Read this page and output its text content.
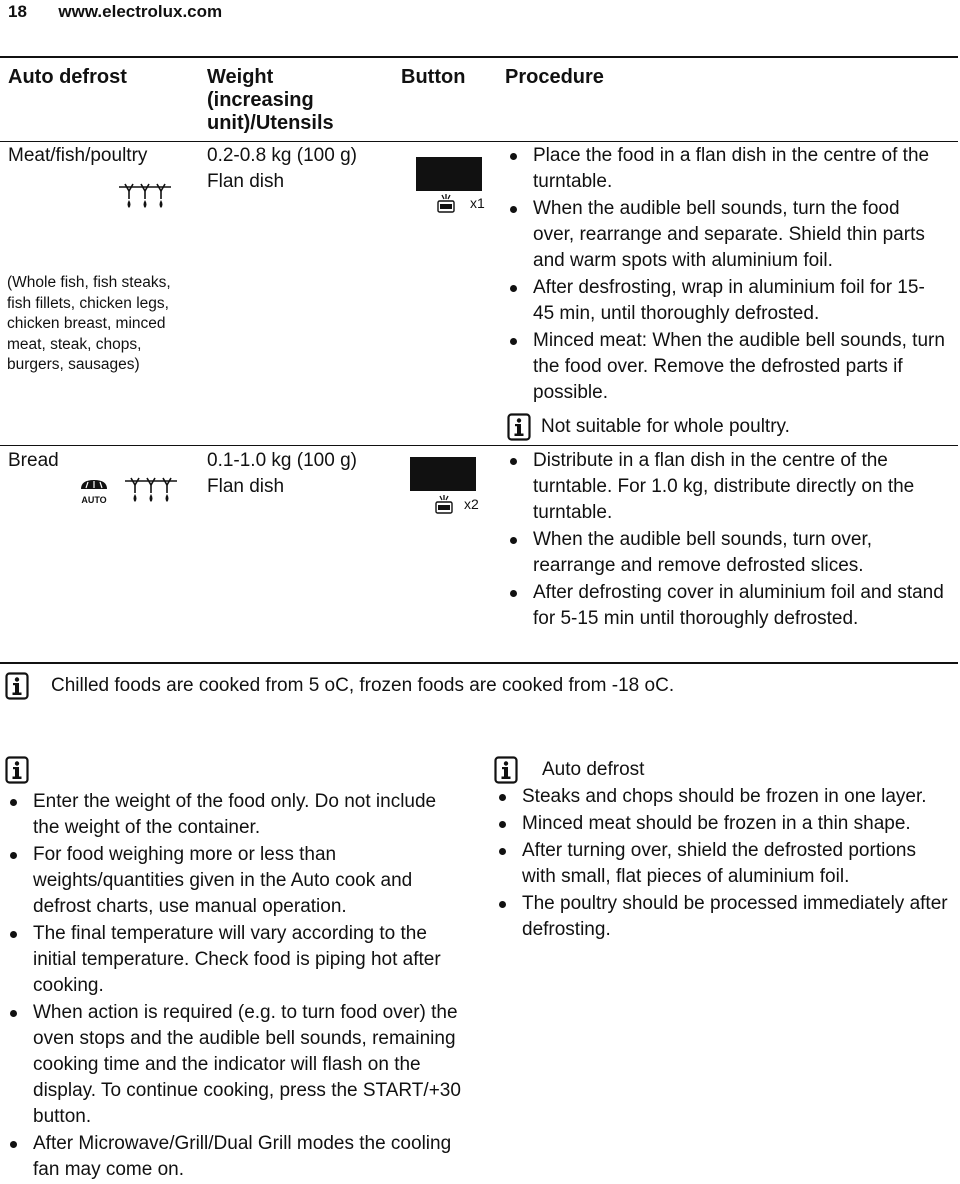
18 www.electrolux.com
Auto defrost	Weight (increasing unit)/Utensils
Button Procedure
Meat/fish/poultry
(Whole fish, fish steaks, fish fillets, chicken legs, chicken breast, minced meat, steak, chops, burgers, sausages)
0.2-0.8 kg (100 g)
Flan dish
x1
Place the food in a flan dish in the centre of the turntable.
When the audible bell sounds, turn the food over, rearrange and separate. Shield thin parts and warm spots with aluminium foil.
After desfrosting, wrap in aluminium foil for 15-45 min, until thoroughly defrosted.
Minced meat: When the audible bell sounds, turn the food over. Remove the defrosted parts if possible.
Not suitable for whole poultry.
Bread
AUTO
0.1-1.0 kg (100 g)
Flan dish
x2
Distribute in a flan dish in the centre of the turntable. For 1.0 kg, distribute directly on the turntable.
When the audible bell sounds, turn over, rearrange and remove defrosted slices.
After defrosting cover in aluminium foil and stand for 5-15 min until thoroughly defrosted.
Chilled foods are cooked from 5 oC, frozen foods are cooked from -18 oC.
Enter the weight of the food only. Do not include the weight of the container.
For food weighing more or less than weights/quantities given in the Auto cook and defrost charts, use manual operation.
The final temperature will vary according to the initial temperature. Check food is piping hot after cooking.
When action is required (e.g. to turn food over) the oven stops and the audible bell sounds, remaining cooking time and the indicator will flash on the display. To continue cooking, press the START/+30 button.
After Microwave/Grill/Dual Grill modes the cooling fan may come on.
Auto defrost
Steaks and chops should be frozen in one layer.
Minced meat should be frozen in a thin shape.
After turning over, shield the defrosted portions with small, flat pieces of aluminium foil.
The poultry should be processed immediately after defrosting.
